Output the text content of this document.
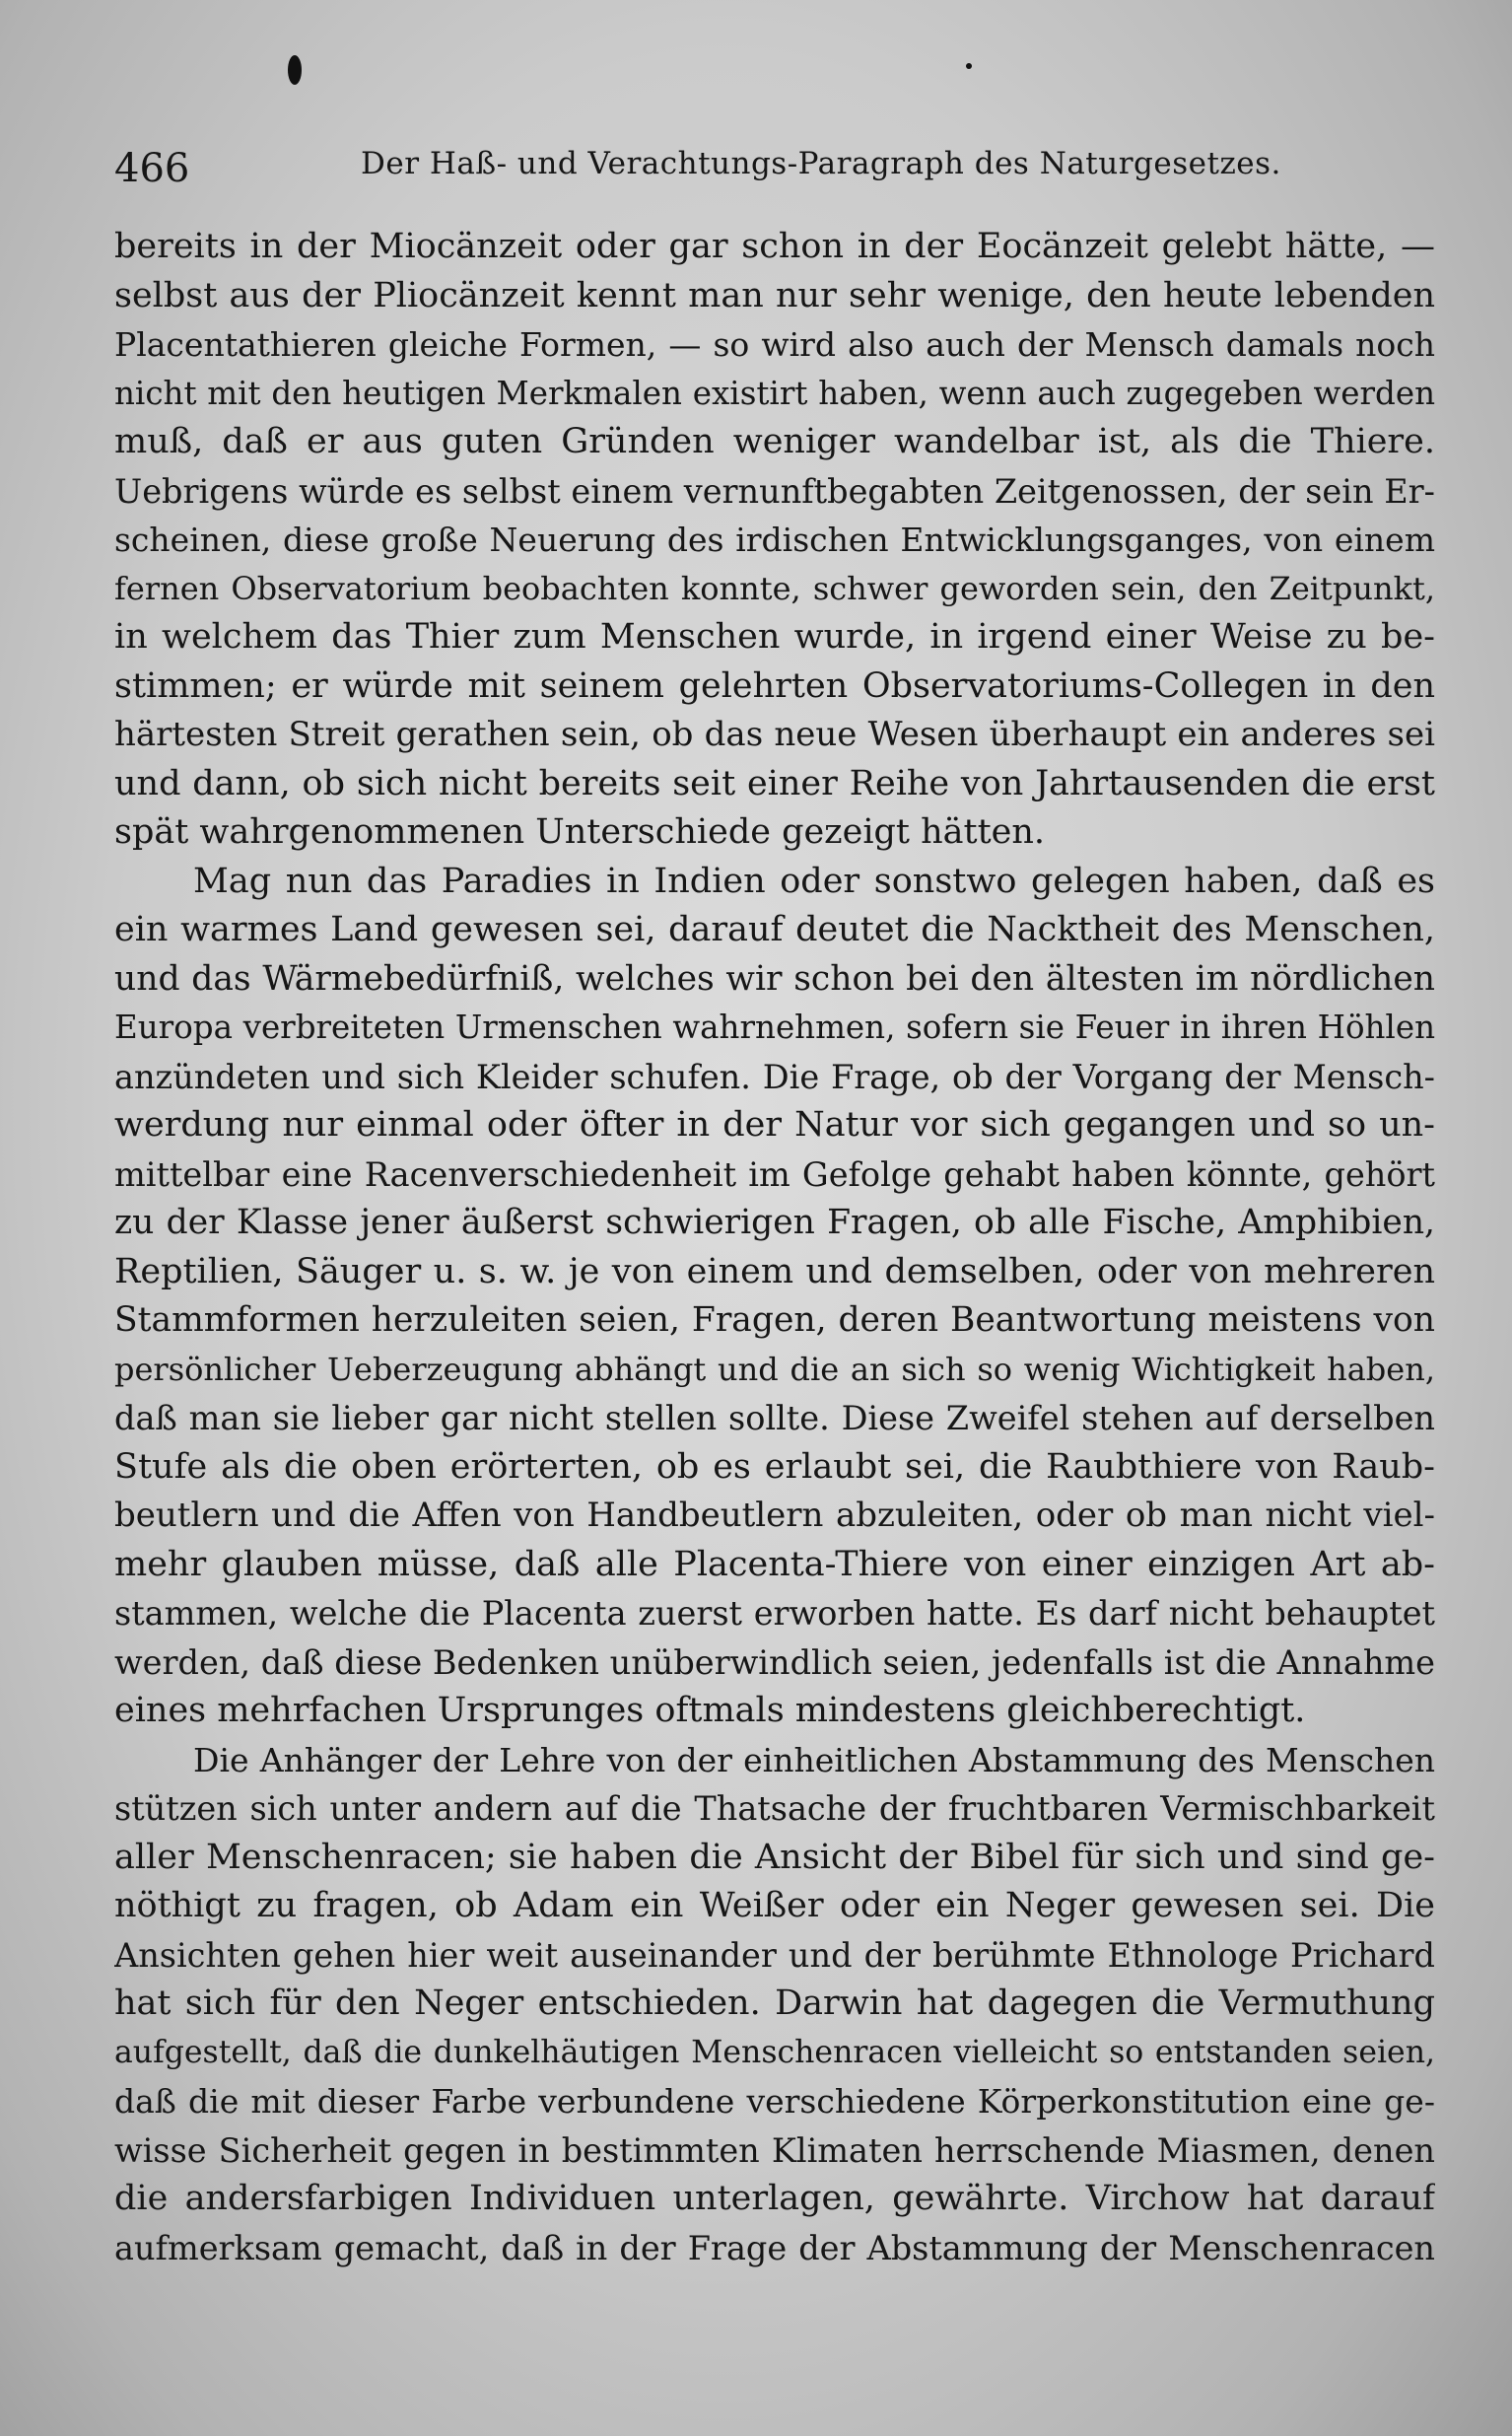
466	Der Haß- und Verachtungs-Paragraph des Naturgesetzes.
bereits in der Miocänzeit oder gar schon in der Eocänzeit gelebt hätte, —
selbst aus der Pliocänzeit kennt man nur sehr wenige, den heute lebenden
Placentathieren gleiche Formen, — so wird also auch der Mensch damals noch
nicht mit den heutigen Merkmalen existirt haben, wenn auch zugegeben werden
muß, daß er aus guten Gründen weniger wandelbar ist, als die Thiere.
Uebrigens würde es selbst einem vernunftbegabten Zeitgenossen, der sein Er-
scheinen, diese große Neuerung des irdischen Entwicklungsganges, von einem
fernen Observatorium beobachten konnte, schwer geworden sein, den Zeitpunkt,
in welchem das Thier zum Menschen wurde, in irgend einer Weise zu be-
stimmen; er würde mit seinem gelehrten Observatoriums-Collegen in den
härtesten Streit gerathen sein, ob das neue Wesen überhaupt ein anderes sei
und dann, ob sich nicht bereits seit einer Reihe von Jahrtausenden die erst
spät wahrgenommenen Unterschiede gezeigt hätten.
Mag nun das Paradies in Indien oder sonstwo gelegen haben, daß es
ein warmes Land gewesen sei, darauf deutet die Nacktheit des Menschen,
und das Wärmebedürfniß, welches wir schon bei den ältesten im nördlichen
Europa verbreiteten Urmenschen wahrnehmen, sofern sie Feuer in ihren Höhlen
anzündeten und sich Kleider schufen. Die Frage, ob der Vorgang der Mensch-
werdung nur einmal oder öfter in der Natur vor sich gegangen und so un-
mittelbar eine Racenverschiedenheit im Gefolge gehabt haben könnte, gehört
zu der Klasse jener äußerst schwierigen Fragen, ob alle Fische, Amphibien,
Reptilien, Säuger u. s. w. je von einem und demselben, oder von mehreren
Stammformen herzuleiten seien, Fragen, deren Beantwortung meistens von
persönlicher Ueberzeugung abhängt und die an sich so wenig Wichtigkeit haben,
daß man sie lieber gar nicht stellen sollte. Diese Zweifel stehen auf derselben
Stufe als die oben erörterten, ob es erlaubt sei, die Raubthiere von Raub-
beutlern und die Affen von Handbeutlern abzuleiten, oder ob man nicht viel-
mehr glauben müsse, daß alle Placenta-Thiere von einer einzigen Art ab-
stammen, welche die Placenta zuerst erworben hatte. Es darf nicht behauptet
werden, daß diese Bedenken unüberwindlich seien, jedenfalls ist die Annahme
eines mehrfachen Ursprunges oftmals mindestens gleichberechtigt.
Die Anhänger der Lehre von der einheitlichen Abstammung des Menschen
stützen sich unter andern auf die Thatsache der fruchtbaren Vermischbarkeit
aller Menschenracen; sie haben die Ansicht der Bibel für sich und sind ge-
nöthigt zu fragen, ob Adam ein Weißer oder ein Neger gewesen sei. Die
Ansichten gehen hier weit auseinander und der berühmte Ethnologe Prichard
hat sich für den Neger entschieden. Darwin hat dagegen die Vermuthung
aufgestellt, daß die dunkelhäutigen Menschenracen vielleicht so entstanden seien,
daß die mit dieser Farbe verbundene verschiedene Körperkonstitution eine ge-
wisse Sicherheit gegen in bestimmten Klimaten herrschende Miasmen, denen
die andersfarbigen Individuen unterlagen, gewährte. Virchow hat darauf
aufmerksam gemacht, daß in der Frage der Abstammung der Menschenracen
